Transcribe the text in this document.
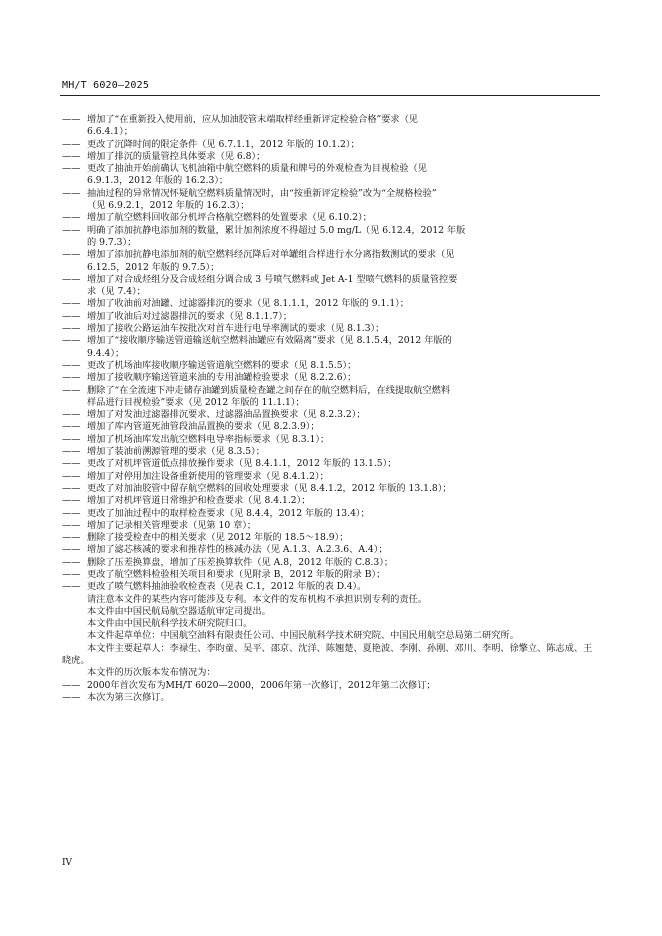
MH/T 6020—2025

—— 增加了“在重新投入使用前，应从加油胶管末端取样经重新评定检验合格”要求（见
6.6.4.1）；

—— 更改了沉降时间的限定条件（见 6.7.1.1，2012 年版的 10.1.2）；

—— 增加了排沉的质量管控具体要求（见 6.8）；

—— 更改了抽油开始前确认飞机油箱中航空燃料的质量和牌号的外观检查为目视检验（见
6.9.1.3，2012 年版的 16.2.3）；

—— 抽油过程的异常情况怀疑航空燃料质量情况时，由“按重新评定检验”改为“全规格检验”
（见 6.9.2.1，2012 年版的 16.2.3）；

—— 增加了航空燃料回收部分机坪合格航空燃料的处置要求（见 6.10.2）；

—— 明确了添加抗静电添加剂的数量，累计加剂浓度不得超过 5.0 mg/L（见 6.12.4，2012 年版
的 9.7.3）；

—— 增加了添加抗静电添加剂的航空燃料经沉降后对单罐组合样进行水分离指数测试的要求（见
6.12.5，2012 年版的 9.7.5）；

—— 增加了对合成烃组分及合成烃组分调合成 3 号喷气燃料或 Jet A-1 型喷气燃料的质量管控要
求（见 7.4）；

—— 增加了收油前对油罐、过滤器排沉的要求（见 8.1.1.1，2012 年版的 9.1.1）；

—— 增加了收油后对过滤器排沉的要求（见 8.1.1.7）；

—— 增加了接收公路运油车按批次对首车进行电导率测试的要求（见 8.1.3）；

—— 增加了“接收顺序输送管道输送航空燃料油罐应有效隔离”要求（见 8.1.5.4，2012 年版的
9.4.4）；

—— 更改了机场油库接收顺序输送管道航空燃料的要求（见 8.1.5.5）；

—— 增加了接收顺序输送管道来油的专用油罐检验要求（见 8.2.2.6）；

—— 删除了“在全流速下冲走储存油罐到质量检查罐之间存在的航空燃料后，在线提取航空燃料
样品进行目视检验”要求（见 2012 年版的 11.1.1）；

—— 增加了对发油过滤器排沉要求、过滤器油品置换要求（见 8.2.3.2）；

—— 增加了库内管道死油管段油品置换的要求（见 8.2.3.9）；

—— 增加了机场油库发出航空燃料电导率指标要求（见 8.3.1）；

—— 增加了装油前溯源管理的要求（见 8.3.5）；

—— 更改了对机坪管道低点排放操作要求（见 8.4.1.1，2012 年版的 13.1.5）；

—— 增加了对停用加注设备重新使用的管理要求（见 8.4.1.2）；

—— 更改了对加油胶管中留存航空燃料的回收处理要求（见 8.4.1.2，2012 年版的 13.1.8）；

—— 增加了对机坪管道日常维护和检查要求（见 8.4.1.2）；

—— 更改了加油过程中的取样检查要求（见 8.4.4，2012 年版的 13.4）；

—— 增加了记录相关管理要求（见第 10 章）；

—— 删除了接受检查中的相关要求（见 2012 年版的 18.5～18.9）；

—— 增加了滤芯核减的要求和推荐性的核减办法（见 A.1.3、A.2.3.6、A.4）；

—— 删除了压差换算盘，增加了压差换算软件（见 A.8，2012 年版的 C.8.3）；

—— 更改了航空燃料检验相关项目和要求（见附录 B，2012 年版的附录 B）；

—— 更改了喷气燃料抽油验收检查表（见表 C.1，2012 年版的表 D.4）。

请注意本文件的某些内容可能涉及专利。本文件的发布机构不承担识别专利的责任。

本文件由中国民航局航空器适航审定司提出。

本文件由中国民航科学技术研究院归口。

本文件起草单位：中国航空油料有限责任公司、中国民航科学技术研究院、中国民用航空总局第二研究所。

本文件主要起草人：李禄生、李昀童、吴平、邵京、沈洋、陈翘楚、夏艳波、李刚、孙刚、邓川、李明、徐擎立、陈志成、王晓虎。

本文件的历次版本发布情况为：

—— 2000年首次发布为MH/T 6020—2000，2006年第一次修订，2012年第二次修订；

—— 本次为第三次修订。

IV
